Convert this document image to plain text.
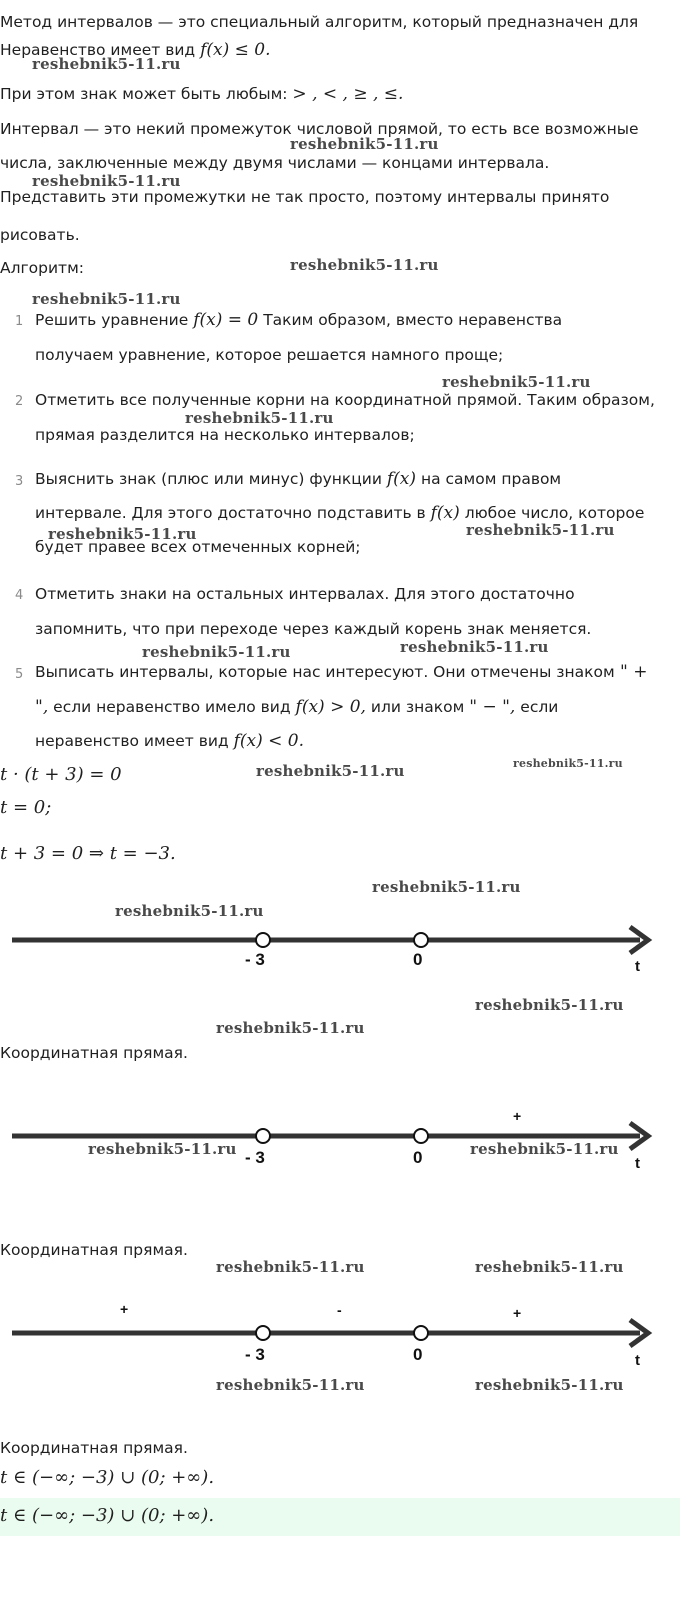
Метод интервалов — это специальный алгоритм, который предназначен для
Неравенство имеет вид f(x) ≤ 0.
При этом знак может быть любым: > , < , ≥ , ≤.
Интервал — это некий промежуток числовой прямой, то есть все возможные
числа, заключенные между двумя числами — концами интервала.
Представить эти промежутки не так просто, поэтому интервалы принято
рисовать.
Алгоритм:
1 Решить уравнение f(x) = 0 Таким образом, вместо неравенства
получаем уравнение, которое решается намного проще;
2 Отметить все полученные корни на координатной прямой. Таким образом,
прямая разделится на несколько интервалов;
3 Выяснить знак (плюс или минус) функции f(x) на самом правом
интервале. Для этого достаточно подставить в f(x) любое число, которое
будет правее всех отмеченных корней;
4 Отметить знаки на остальных интервалах. Для этого достаточно
запомнить, что при переходе через каждый корень знак меняется.
5 Выписать интервалы, которые нас интересуют. Они отмечены знаком " +
", если неравенство имело вид f(x) > 0, или знаком " − ", если
неравенство имеет вид f(x) < 0.
t · (t + 3) = 0
t = 0;
t + 3 = 0 ⇒ t = −3.
- 3	0	t
Координатная прямая.
+
- 3	0	t
Координатная прямая.
+	-	+
- 3	0	t
Координатная прямая.
t ∈ (−∞; −3) ∪ (0; +∞).
t ∈ (−∞; −3) ∪ (0; +∞).
reshebnik5-11.ru
reshebnik5-11.ru
reshebnik5-11.ru
reshebnik5-11.ru
reshebnik5-11.ru
reshebnik5-11.ru
reshebnik5-11.ru
reshebnik5-11.ru	reshebnik5-11.ru
reshebnik5-11.ru	reshebnik5-11.ru
reshebnik5-11.ru	reshebnik5-11.ru
reshebnik5-11.ru
reshebnik5-11.ru
reshebnik5-11.ru
reshebnik5-11.ru
reshebnik5-11.ru	reshebnik5-11.ru
reshebnik5-11.ru	reshebnik5-11.ru
reshebnik5-11.ru	reshebnik5-11.ru
